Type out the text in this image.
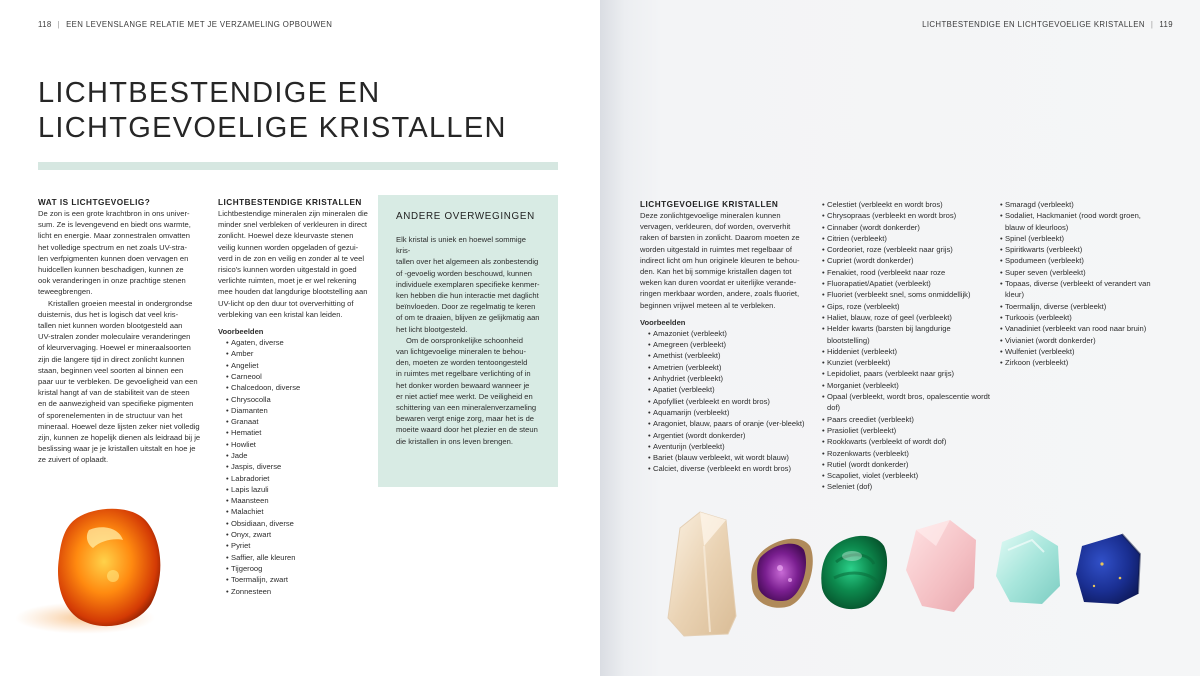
118 | EEN LEVENSLANGE RELATIE MET JE VERZAMELING OPBOUWEN
LICHTBESTENDIGE EN
LICHTGEVOELIGE KRISTALLEN

WAT IS LICHTGEVOELIG?

De zon is een grote krachtbron in ons univer-
sum. Ze is levengevend en biedt ons warmte,
licht en energie. Maar zonnestralen omvatten
het volledige spectrum en net zoals UV-stra-
len verfpigmenten kunnen doen vervagen en
huidcellen kunnen beschadigen, kunnen ze
ook veranderingen in onze prachtige stenen
teweegbrengen.
Kristallen groeien meestal in ondergrondse
duisternis, dus het is logisch dat veel kris-
tallen niet kunnen worden blootgesteld aan
UV-stralen zonder moleculaire veranderingen
of kleurvervaging. Hoewel er mineraalsoorten
zijn die langere tijd in direct zonlicht kunnen
staan, beginnen veel soorten al binnen een
paar uur te verbleken. De gevoeligheid van een
kristal hangt af van de stabiliteit van de steen
en de aanwezigheid van specifieke pigmenten
of sporenelementen in de structuur van het
mineraal. Hoewel deze lijsten zeker niet volledig
zijn, kunnen ze hopelijk dienen als leidraad bij je
beslissing waar je je kristallen uitstalt en hoe je
ze zuivert of oplaadt.

LICHTBESTENDIGE KRISTALLEN

Lichtbestendige mineralen zijn mineralen die
minder snel verbleken of verkleuren in direct
zonlicht. Hoewel deze kleurvaste stenen
veilig kunnen worden opgeladen of gezui-
verd in de zon en veilig en zonder al te veel
risico's kunnen worden uitgestald in goed
verlichte ruimten, moet je er wel rekening
mee houden dat langdurige blootstelling aan
UV-licht op den duur tot oververhitting of
verbleking van een kristal kan leiden.
Voorbeelden
• Agaten, diverse
• Amber
• Angeliet
• Carneool
• Chalcedoon, diverse
• Chrysocolla
• Diamanten
• Granaat
• Hematiet
• Howliet
• Jade
• Jaspis, diverse
• Labradoriet
• Lapis lazuli
• Maansteen
• Malachiet
• Obsidiaan, diverse
• Onyx, zwart
• Pyriet
• Saffier, alle kleuren
• Tijgeroog
• Toermalijn, zwart
• Zonnesteen

ANDERE OVERWEGINGEN

Elk kristal is uniek en hoewel sommige kris-
tallen over het algemeen als zonbestendig
of -gevoelig worden beschouwd, kunnen
individuele exemplaren specifieke kenmer-
ken hebben die hun interactie met daglicht
beïnvloeden. Door ze regelmatig te keren
of om te draaien, blijven ze gelijkmatig aan
het licht blootgesteld.
Om de oorspronkelijke schoonheid
van lichtgevoelige mineralen te behou-
den, moeten ze worden tentoongesteld
in ruimtes met regelbare verlichting of in
het donker worden bewaard wanneer je
er niet actief mee werkt. De veiligheid en
schittering van een mineralenverzameling
bewaren vergt enige zorg, maar het is de
moeite waard door het plezier en de steun
die kristallen in ons leven brengen.
LICHTBESTENDIGE EN LICHTGEVOELIGE KRISTALLEN | 119

LICHTGEVOELIGE KRISTALLEN

Deze zonlichtgevoelige mineralen kunnen
vervagen, verkleuren, dof worden, oververhit
raken of barsten in zonlicht. Daarom moeten ze
worden uitgestald in ruimtes met regelbaar of
indirect licht om hun originele kleuren te behou-
den. Kan het bij sommige kristallen dagen tot
weken kan duren voordat er uiterlijke verande-
ringen merkbaar worden, andere, zoals fluoriet,
beginnen vrijwel meteen al te verbleken.
Voorbeelden
• Amazoniet (verbleekt)
• Amegreen (verbleekt)
• Amethist (verbleekt)
• Ametrien (verbleekt)
• Anhydriet (verbleekt)
• Apatiet (verbleekt)
• Apofylliet (verbleekt en wordt bros)
• Aquamarijn (verbleekt)
• Aragoniet, blauw, paars of oranje (ver-bleekt)
• Argentiet (wordt donkerder)
• Aventurijn (verbleekt)
• Bariet (blauw verbleekt, wit wordt blauw)
• Calciet, diverse (verbleekt en wordt bros)
• Celestiet (verbleekt en wordt bros)
• Chrysopraas (verbleekt en wordt bros)
• Cinnaber (wordt donkerder)
• Citrien (verbleekt)
• Cordeoriet, roze (verbleekt naar grijs)
• Cupriet (wordt donkerder)
• Fenakiet, rood (verbleekt naar roze
• Fluorapatiet/Apatiet (verbleekt)
• Fluoriet (verbleekt snel, soms onmiddellijk)
• Gips, roze (verbleekt)
• Haliet, blauw, roze of geel (verbleekt)
• Helder kwarts (barsten bij langdurige blootstelling)
• Hiddeniet (verbleekt)
• Kunziet (verbleekt)
• Lepidoliet, paars (verbleekt naar grijs)
• Morganiet (verbleekt)
• Opaal (verbleekt, wordt bros, opalescentie wordt dof)
• Paars creediet (verbleekt)
• Prasioliet (verbleekt)
• Rookkwarts (verbleekt of wordt dof)
• Rozenkwarts (verbleekt)
• Rutiel (wordt donkerder)
• Scapoliet, violet (verbleekt)
• Seleniet (dof)
• Smaragd (verbleekt)
• Sodaliet, Hackmaniet (rood wordt groen, blauw of kleurloos)
• Spinel (verbleekt)
• Spiritkwarts (verbleekt)
• Spodumeen (verbleekt)
• Super seven (verbleekt)
• Topaas, diverse (verbleekt of verandert van kleur)
• Toermalijn, diverse (verbleekt)
• Turkoois (verbleekt)
• Vanadiniet (verbleekt van rood naar bruin)
• Vivianiet (wordt donkerder)
• Wulfeniet (verbleekt)
• Zirkoon (verbleekt)
